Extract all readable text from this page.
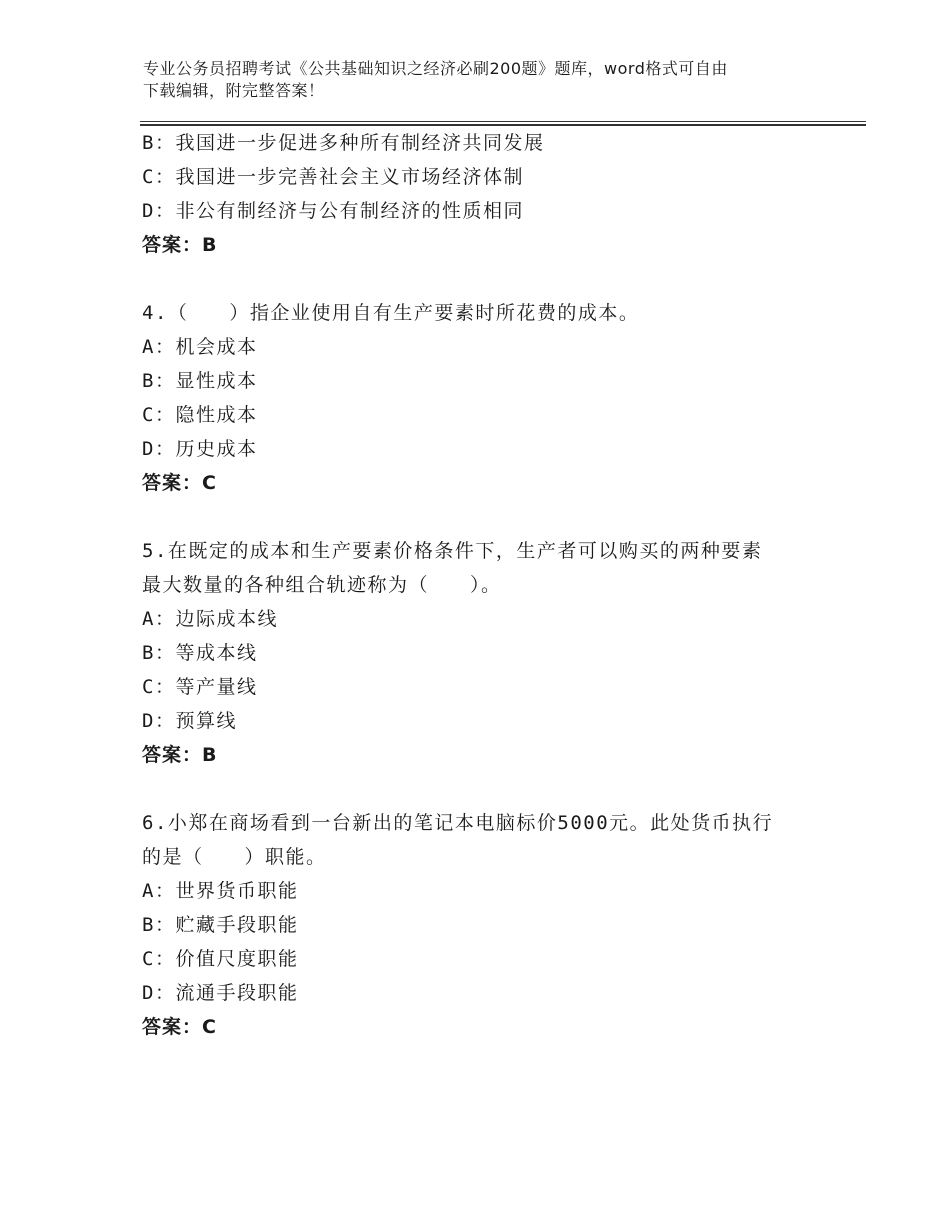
专业公务员招聘考试《公共基础知识之经济必刷200题》题库，word格式可自由
下载编辑，附完整答案！
B：我国进一步促进多种所有制经济共同发展
C：我国进一步完善社会主义市场经济体制
D：非公有制经济与公有制经济的性质相同
答案：B
4.（　　）指企业使用自有生产要素时所花费的成本。
A：机会成本
B：显性成本
C：隐性成本
D：历史成本
答案：C
5.在既定的成本和生产要素价格条件下，生产者可以购买的两种要素
最大数量的各种组合轨迹称为（　　）。
A：边际成本线
B：等成本线
C：等产量线
D：预算线
答案：B
6.小郑在商场看到一台新出的笔记本电脑标价5000元。此处货币执行
的是（　　）职能。
A：世界货币职能
B：贮藏手段职能
C：价值尺度职能
D：流通手段职能
答案：C
